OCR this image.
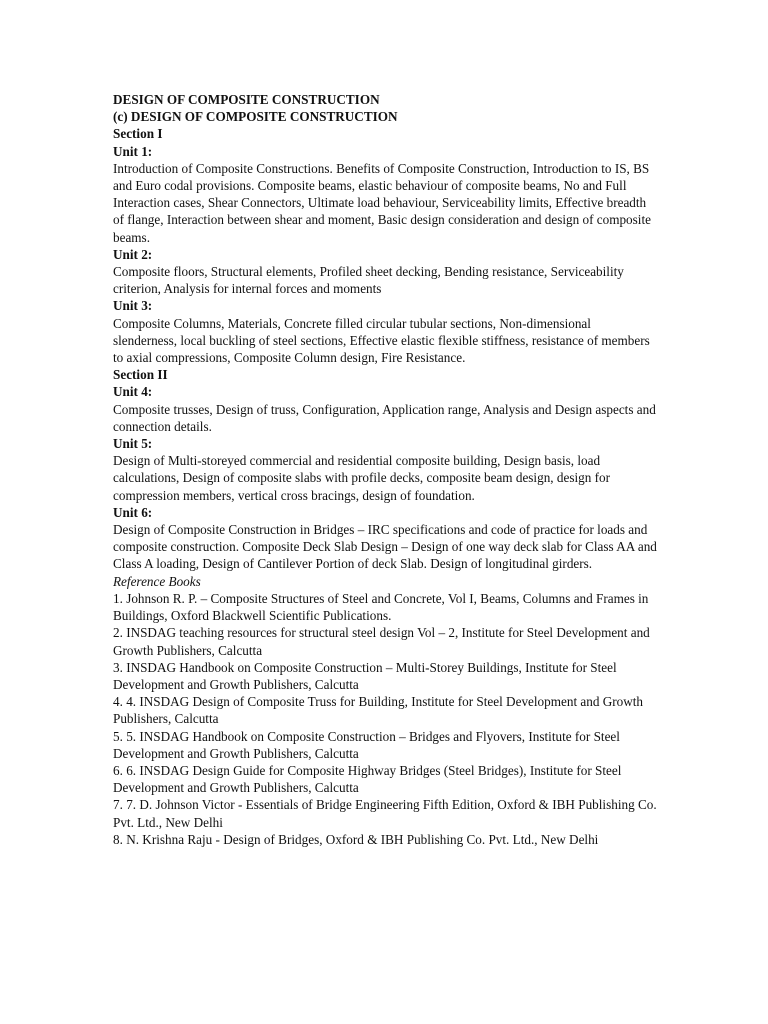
DESIGN OF COMPOSITE CONSTRUCTION

(c) DESIGN OF COMPOSITE CONSTRUCTION

Section I

Unit 1:

Introduction of Composite Constructions. Benefits of Composite Construction, Introduction to IS, BS and Euro codal provisions. Composite beams, elastic behaviour of composite beams, No and Full Interaction cases, Shear Connectors, Ultimate load behaviour, Serviceability limits, Effective breadth of flange, Interaction between shear and moment, Basic design consideration and design of composite beams.

Unit 2:

Composite floors, Structural elements, Profiled sheet decking, Bending resistance, Serviceability criterion, Analysis for internal forces and moments

Unit 3:

Composite Columns, Materials, Concrete filled circular tubular sections, Non-dimensional slenderness, local buckling of steel sections, Effective elastic flexible stiffness, resistance of members to axial compressions, Composite Column design, Fire Resistance.

Section II

Unit 4:

Composite trusses, Design of truss, Configuration, Application range, Analysis and Design aspects and connection details.

Unit 5:

Design of Multi-storeyed commercial and residential composite building, Design basis, load calculations, Design of composite slabs with profile decks, composite beam design, design for compression members, vertical cross bracings, design of foundation.

Unit 6:

Design of Composite Construction in Bridges – IRC specifications and code of practice for loads and composite construction. Composite Deck Slab Design – Design of one way deck slab for Class AA and Class A loading, Design of Cantilever Portion of deck Slab. Design of longitudinal girders.

Reference Books

1. Johnson R. P. – Composite Structures of Steel and Concrete, Vol I, Beams, Columns and Frames in Buildings, Oxford Blackwell Scientific Publications.

2. INSDAG teaching resources for structural steel design Vol – 2, Institute for Steel Development and Growth Publishers, Calcutta

3. INSDAG Handbook on Composite Construction – Multi-Storey Buildings, Institute for Steel Development and Growth Publishers, Calcutta

4. 4. INSDAG Design of Composite Truss for Building, Institute for Steel Development and Growth Publishers, Calcutta

5. 5. INSDAG Handbook on Composite Construction – Bridges and Flyovers, Institute for Steel Development and Growth Publishers, Calcutta

6. 6. INSDAG Design Guide for Composite Highway Bridges (Steel Bridges), Institute for Steel Development and Growth Publishers, Calcutta

7. 7. D. Johnson Victor - Essentials of Bridge Engineering Fifth Edition, Oxford & IBH Publishing Co. Pvt. Ltd., New Delhi

8. N. Krishna Raju - Design of Bridges, Oxford & IBH Publishing Co. Pvt. Ltd., New Delhi
